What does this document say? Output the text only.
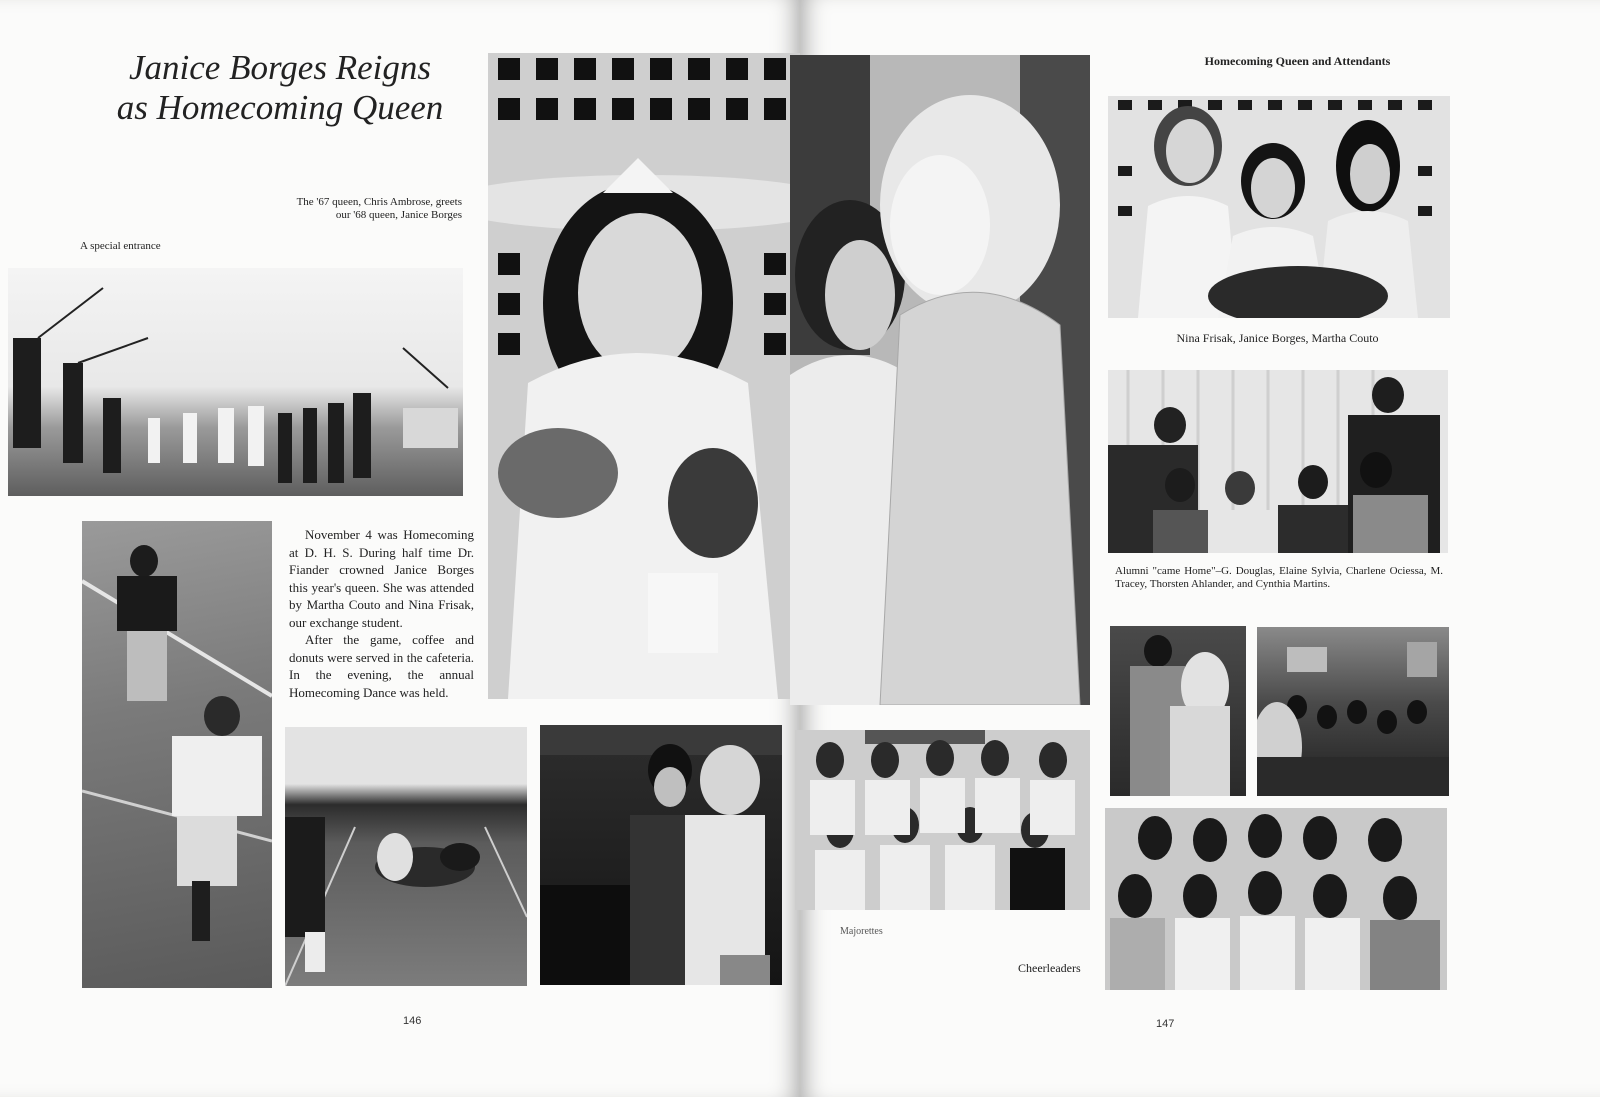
Janice Borges Reigns
as Homecoming Queen
The '67 queen, Chris Ambrose, greets our '68 queen, Janice Borges
A special entrance

November 4 was Homecoming at D. H. S. During half time Dr. Fiander crowned Janice Borges this year's queen. She was attended by Martha Couto and Nina Frisak, our exchange student.

After the game, coffee and donuts were served in the cafeteria. In the evening, the annual Homecoming Dance was held.

146
Homecoming Queen and Attendants
Nina Frisak, Janice Borges, Martha Couto
Alumni "came Home"–G. Douglas, Elaine Sylvia, Charlene Ociessa, M. Tracey, Thorsten Ahlander, and Cynthia Martins.
Majorettes
Cheerleaders
147
